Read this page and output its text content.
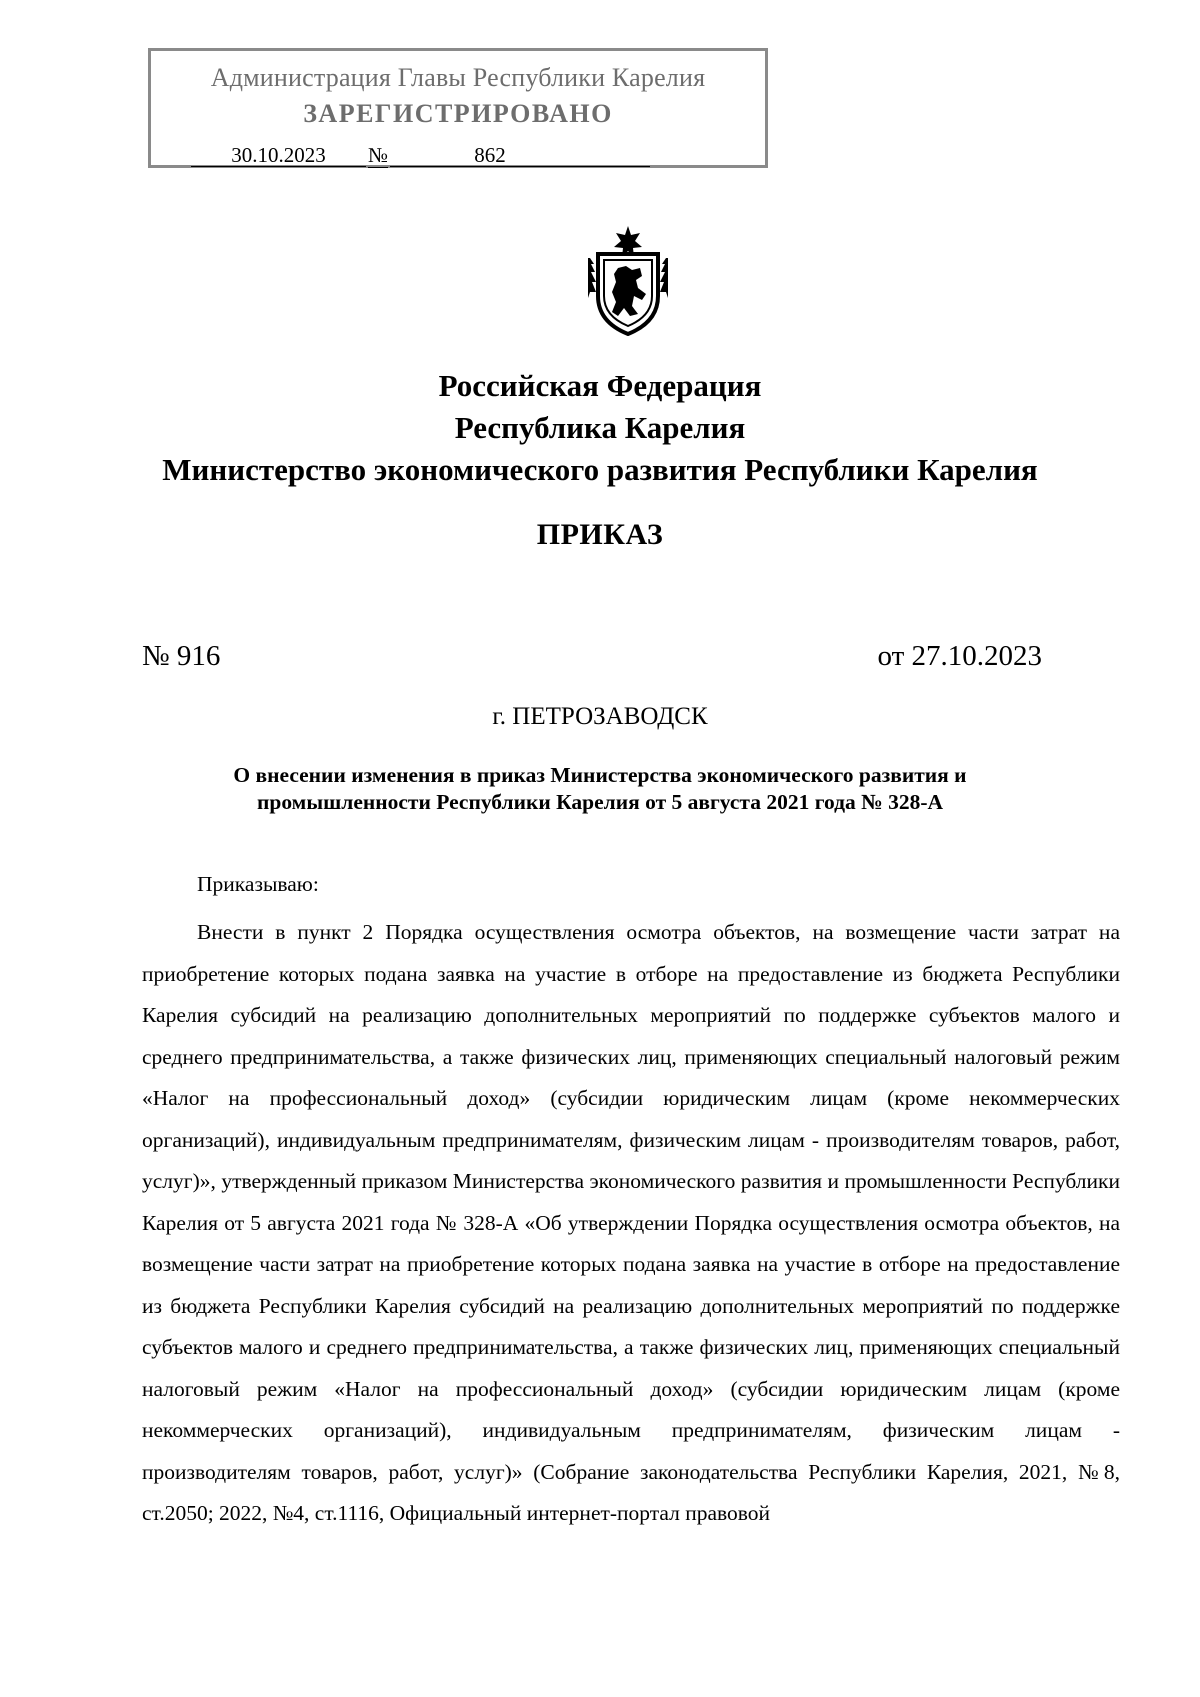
Администрация Главы Республики Карелия
ЗАРЕГИСТРИРОВАНО
30.10.2023 №	862
Российская Федерация
Республика Карелия
Министерство экономического развития Республики Карелия
ПРИКАЗ
№ 916	от 27.10.2023
г. ПЕТРОЗАВОДСК
О внесении изменения в приказ Министерства экономического развития и промышленности Республики Карелия от 5 августа 2021 года № 328-А
Приказываю:
Внести в пункт 2 Порядка осуществления осмотра объектов, на возмещение части затрат на приобретение которых подана заявка на участие в отборе на предоставление из бюджета Республики Карелия субсидий на реализацию дополнительных мероприятий по поддержке субъектов малого и среднего предпринимательства, а также физических лиц, применяющих специальный налоговый режим «Налог на профессиональный доход» (субсидии юридическим лицам (кроме некоммерческих организаций), индивидуальным предпринимателям, физическим лицам - производителям товаров, работ, услуг)», утвержденный приказом Министерства экономического развития и промышленности Республики Карелия от 5 августа 2021 года № 328-А «Об утверждении Порядка осуществления осмотра объектов, на возмещение части затрат на приобретение которых подана заявка на участие в отборе на предоставление из бюджета Республики Карелия субсидий на реализацию дополнительных мероприятий по поддержке субъектов малого и среднего предпринимательства, а также физических лиц, применяющих специальный налоговый режим «Налог на профессиональный доход» (субсидии юридическим лицам (кроме некоммерческих организаций), индивидуальным предпринимателям, физическим лицам - производителям товаров, работ, услуг)» (Собрание законодательства Республики Карелия, 2021, №8, ст.2050; 2022, №4, ст.1116, Официальный интернет-портал правовой
